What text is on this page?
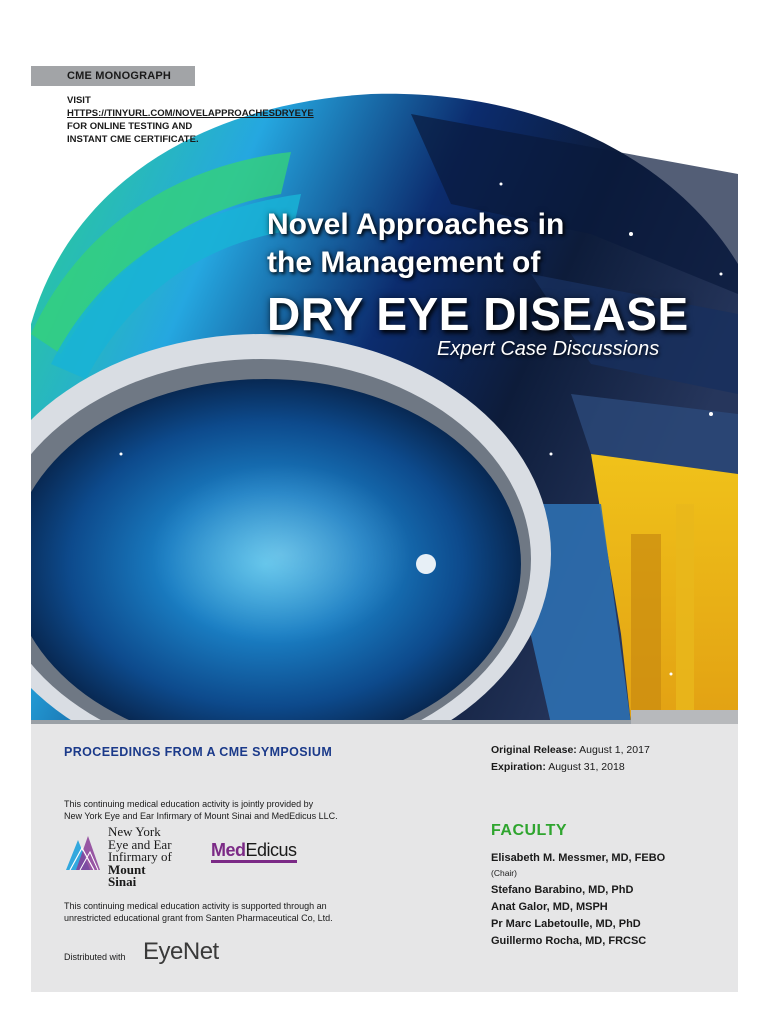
CME MONOGRAPH
VISIT
HTTPS://TINYURL.COM/NOVELAPPROACHESDRYEYE
FOR ONLINE TESTING AND
INSTANT CME CERTIFICATE.
Novel Approaches in
the Management of
DRY EYE DISEASE
Expert Case Discussions
PROCEEDINGS FROM A CME SYMPOSIUM	Original Release: August 1, 2017
Expiration: August 31, 2018
This continuing medical education activity is jointly provided by
New York Eye and Ear Infirmary of Mount Sinai and MedEdicus LLC.
New York
Eye and Ear
Infirmary of
Mount
Sinai
MedEdicus
This continuing medical education activity is supported through an
unrestricted educational grant from Santen Pharmaceutical Co, Ltd.
Distributed with EyeNet
FACULTY
Elisabeth M. Messmer, MD, FEBO
(Chair)
Stefano Barabino, MD, PhD
Anat Galor, MD, MSPH
Pr Marc Labetoulle, MD, PhD
Guillermo Rocha, MD, FRCSC
